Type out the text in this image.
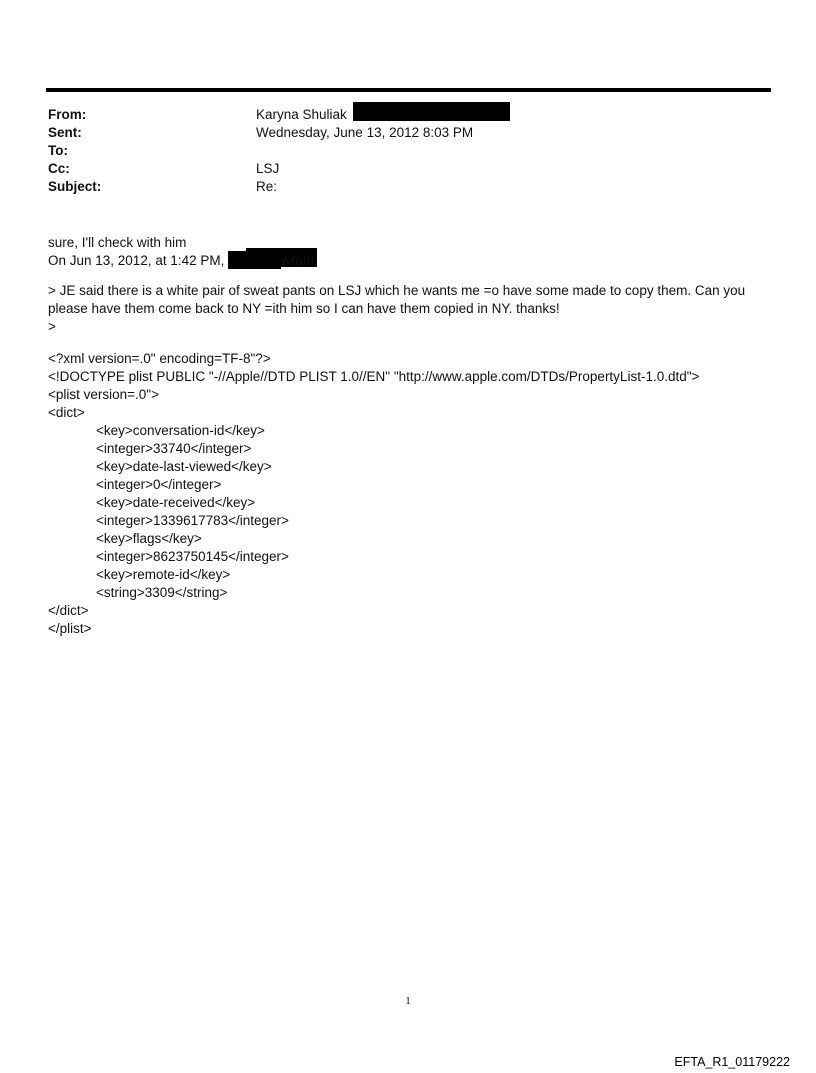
From:	Karyna Shuliak
Sent:	Wednesday, June 13, 2012 8:03 PM
To:
Cc:	LSJ
Subject:	Re:
sure, I'll check with him
On Jun 13, 2012, at 1:42 PM,	wrote:
> JE said there is a white pair of sweat pants on LSJ which he wants me =o have some made to copy them. Can you
please have them come back to NY =ith him so I can have them copied in NY. thanks!
>
<?xml version=.0" encoding=TF-8"?>
<!DOCTYPE plist PUBLIC "-//Apple//DTD PLIST 1.0//EN" "http://www.apple.com/DTDs/PropertyList-1.0.dtd">
<plist version=.0">
<dict>
<key>conversation-id</key>
<integer>33740</integer>
<key>date-last-viewed</key>
<integer>0</integer>
<key>date-received</key>
<integer>1339617783</integer>
<key>flags</key>
<integer>8623750145</integer>
<key>remote-id</key>
<string>3309</string>
</dict>
</plist>
1
EFTA_R1_01179222
